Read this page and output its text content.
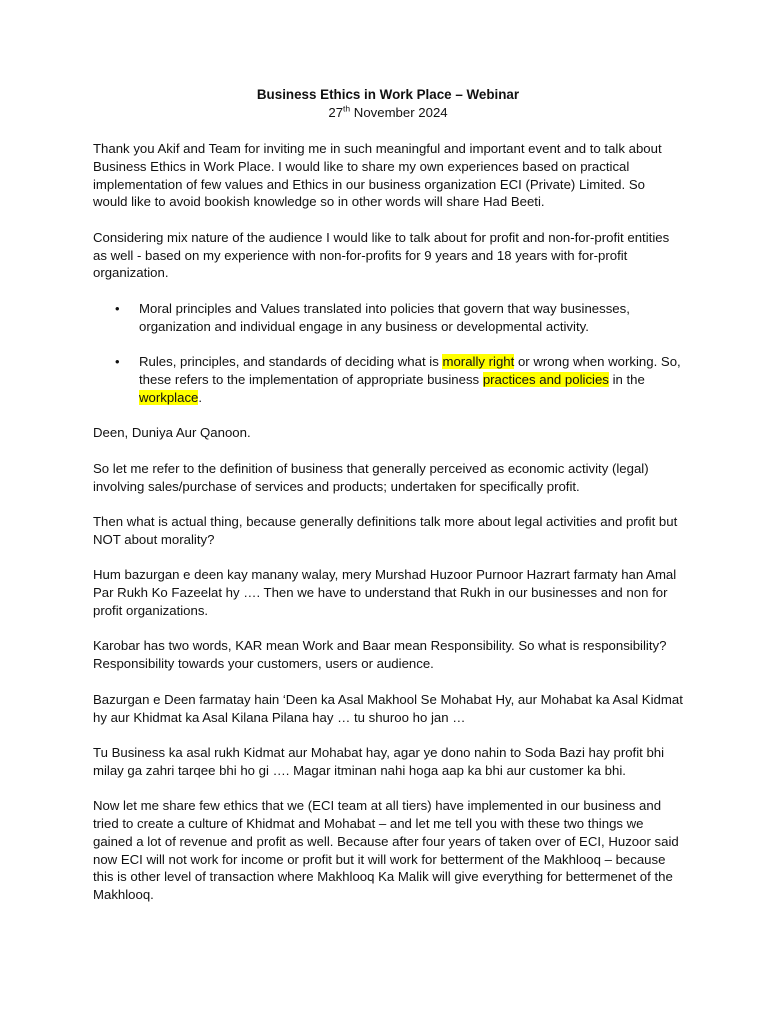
Business Ethics in Work Place – Webinar
27th November 2024

Thank you Akif and Team for inviting me in such meaningful and important event and to talk about Business Ethics in Work Place. I would like to share my own experiences based on practical implementation of few values and Ethics in our business organization ECI (Private) Limited. So would like to avoid bookish knowledge so in other words will share Had Beeti.

Considering mix nature of the audience I would like to talk about for profit and non-for-profit entities as well - based on my experience with non-for-profits for 9 years and 18 years with for-profit organization.

• Moral principles and Values translated into policies that govern that way businesses, organization and individual engage in any business or developmental activity.
• Rules, principles, and standards of deciding what is morally right or wrong when working. So, these refers to the implementation of appropriate business practices and policies in the workplace.

Deen, Duniya Aur Qanoon.

So let me refer to the definition of business that generally perceived as economic activity (legal) involving sales/purchase of services and products; undertaken for specifically profit.

Then what is actual thing, because generally definitions talk more about legal activities and profit but NOT about morality?

Hum bazurgan e deen kay manany walay, mery Murshad Huzoor Purnoor Hazrart farmaty han Amal Par Rukh Ko Fazeelat hy …. Then we have to understand that Rukh in our businesses and non for profit organizations.

Karobar has two words, KAR mean Work and Baar mean Responsibility. So what is responsibility? Responsibility towards your customers, users or audience.

Bazurgan e Deen farmatay hain ‘Deen ka Asal Makhool Se Mohabat Hy, aur Mohabat ka Asal Kidmat hy aur Khidmat ka Asal Kilana Pilana hay … tu shuroo ho jan …

Tu Business ka asal rukh Kidmat aur Mohabat hay, agar ye dono nahin to Soda Bazi hay profit bhi milay ga zahri tarqee bhi ho gi …. Magar itminan nahi hoga aap ka bhi aur customer ka bhi.

Now let me share few ethics that we (ECI team at all tiers) have implemented in our business and tried to create a culture of Khidmat and Mohabat – and let me tell you with these two things we gained a lot of revenue and profit as well. Because after four years of taken over of ECI, Huzoor said now ECI will not work for income or profit but it will work for betterment of the Makhlooq – because this is other level of transaction where Makhlooq Ka Malik will give everything for bettermenet of the Makhlooq.
